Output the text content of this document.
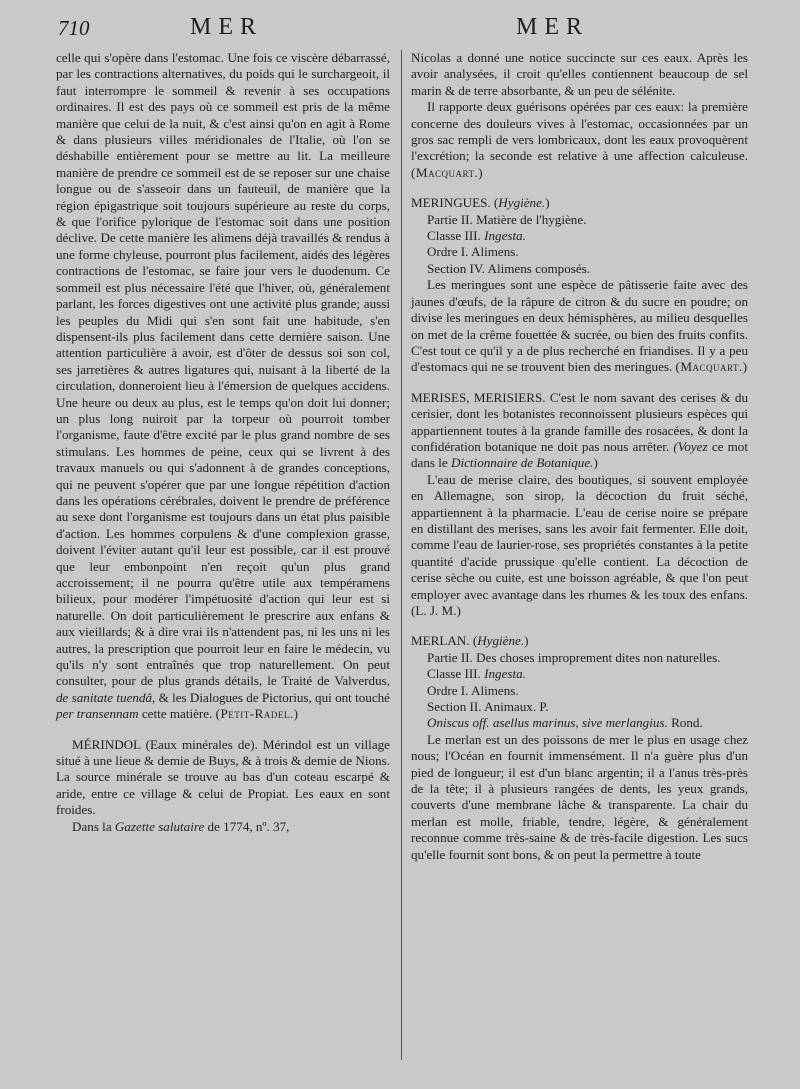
710	MER	MER

celle qui s'opère dans l'estomac. Une fois ce viscère débarrassé, par les contractions alternatives, du poids qui le surchargeoit, il faut interrompre le sommeil & revenir à ses occupations ordinaires. Il est des pays où ce sommeil est pris de la même manière que celui de la nuit, & c'est ainsi qu'on en agit à Rome & dans plusieurs villes méridionales de l'Italie, où l'on se déshabille entièrement pour se mettre au lit. La meilleure manière de prendre ce sommeil est de se reposer sur une chaise longue ou de s'asseoir dans un fauteuil, de manière que la région épigastrique soit toujours supérieure au reste du corps, & que l'orifice pylorique de l'estomac soit dans une position déclive. De cette manière les alimens déjà travaillés & rendus à une forme chyleuse, pourront plus facilement, aidés des légères contractions de l'estomac, se faire jour vers le duodenum. Ce sommeil est plus nécessaire l'été que l'hiver, où, généralement parlant, les forces digestives ont une activité plus grande; aussi les peuples du Midi qui s'en sont fait une habitude, s'en dispensent-ils plus facilement dans cette dernière saison. Une attention particulière à avoir, est d'ôter de dessus soi son col, ses jarretières & autres ligatures qui, nuisant à la liberté de la circulation, donneroient lieu à l'émersion de quelques accidens. Une heure ou deux au plus, est le temps qu'on doit lui donner; un plus long nuiroit par la torpeur où pourroit tomber l'organisme, faute d'être excité par le plus grand nombre de ses stimulans. Les hommes de peine, ceux qui se livrent à des travaux manuels ou qui s'adonnent à de grandes conceptions, qui ne peuvent s'opérer que par une longue répétition d'action dans les opérations cérébrales, doivent le prendre de préférence au sexe dont l'organisme est toujours dans un état plus paisible d'action. Les hommes corpulens & d'une complexion grasse, doivent l'éviter autant qu'il leur est possible, car il est prouvé que leur embonpoint n'en reçoit qu'un plus grand accroissement; il ne pourra qu'être utile aux tempéramens bilieux, pour modérer l'impétuosité d'action qui leur est si naturelle. On doit particulièrement le prescrire aux enfans & aux vieillards; & à dire vrai ils n'attendent pas, ni les uns ni les autres, la prescription que pourroit leur en faire le médecin, vu qu'ils n'y sont entraînés que trop naturellement. On peut consulter, pour de plus grands détails, le Traité de Valverdus, de sanitate tuendâ, & les Dialogues de Pictorius, qui ont touché per transennam cette matière. (Petit-Radel.)

MÉRINDOL (Eaux minérales de). Mérindol est un village situé à une lieue & demie de Buys, & à trois & demie de Nions. La source minérale se trouve au bas d'un coteau escarpé & aride, entre ce village & celui de Propiat. Les eaux en sont froides.

Dans la Gazette salutaire de 1774, nº. 37,

Nicolas a donné une notice succincte sur ces eaux. Après les avoir analysées, il croit qu'elles contiennent beaucoup de sel marin & de terre absorbante, & un peu de sélénite.

Il rapporte deux guérisons opérées par ces eaux: la première concerne des douleurs vives à l'estomac, occasionnées par un gros sac rempli de vers lombricaux, dont les eaux provoquèrent l'excrétion; la seconde est relative à une affection calculeuse. (Macquart.)

MERINGUES. (Hygiène.)

Partie II. Matière de l'hygiène.

Classe III. Ingesta.

Ordre I. Alimens.

Section IV. Alimens composés.

Les meringues sont une espèce de pâtisserie faite avec des jaunes d'œufs, de la râpure de citron & du sucre en poudre; on divise les meringues en deux hémisphères, au milieu desquelles on met de la crême fouettée & sucrée, ou bien des fruits confits. C'est tout ce qu'il y a de plus recherché en friandises. Il y a peu d'estomacs qui ne se trouvent bien des meringues. (Macquart.)

MERISES, MERISIERS. C'est le nom savant des cerises & du cerisier, dont les botanistes reconnoissent plusieurs espèces qui appartiennent toutes à la grande famille des rosacées, & dont la confidération botanique ne doit pas nous arrêter. (Voyez ce mot dans le Dictionnaire de Botanique.)

L'eau de merise claire, des boutiques, si souvent employée en Allemagne, son sirop, la décoction du fruit séché, appartiennent à la pharmacie. L'eau de cerise noire se prépare en distillant des merises, sans les avoir fait fermenter. Elle doit, comme l'eau de laurier-rose, ses propriétés constantes à la petite quantité d'acide prussique qu'elle contient. La décoction de cerise sèche ou cuite, est une boisson agréable, & que l'on peut employer avec avantage dans les rhumes & les toux des enfans. (L. J. M.)

MERLAN. (Hygiène.)

Partie II. Des choses improprement dites non naturelles.

Classe III. Ingesta.

Ordre I. Alimens.

Section II. Animaux. P.

Oniscus off. asellus marinus, sive merlangius. Rond.

Le merlan est un des poissons de mer le plus en usage chez nous; l'Océan en fournit immensément. Il n'a guère plus d'un pied de longueur; il est d'un blanc argentin; il a l'anus très-près de la tête; il à plusieurs rangées de dents, les yeux grands, couverts d'une membrane lâche & transparente. La chair du merlan est molle, friable, tendre, légère, & généralement reconnue comme très-saine & de très-facile digestion. Les sucs qu'elle fournit sont bons, & on peut la permettre à toute
